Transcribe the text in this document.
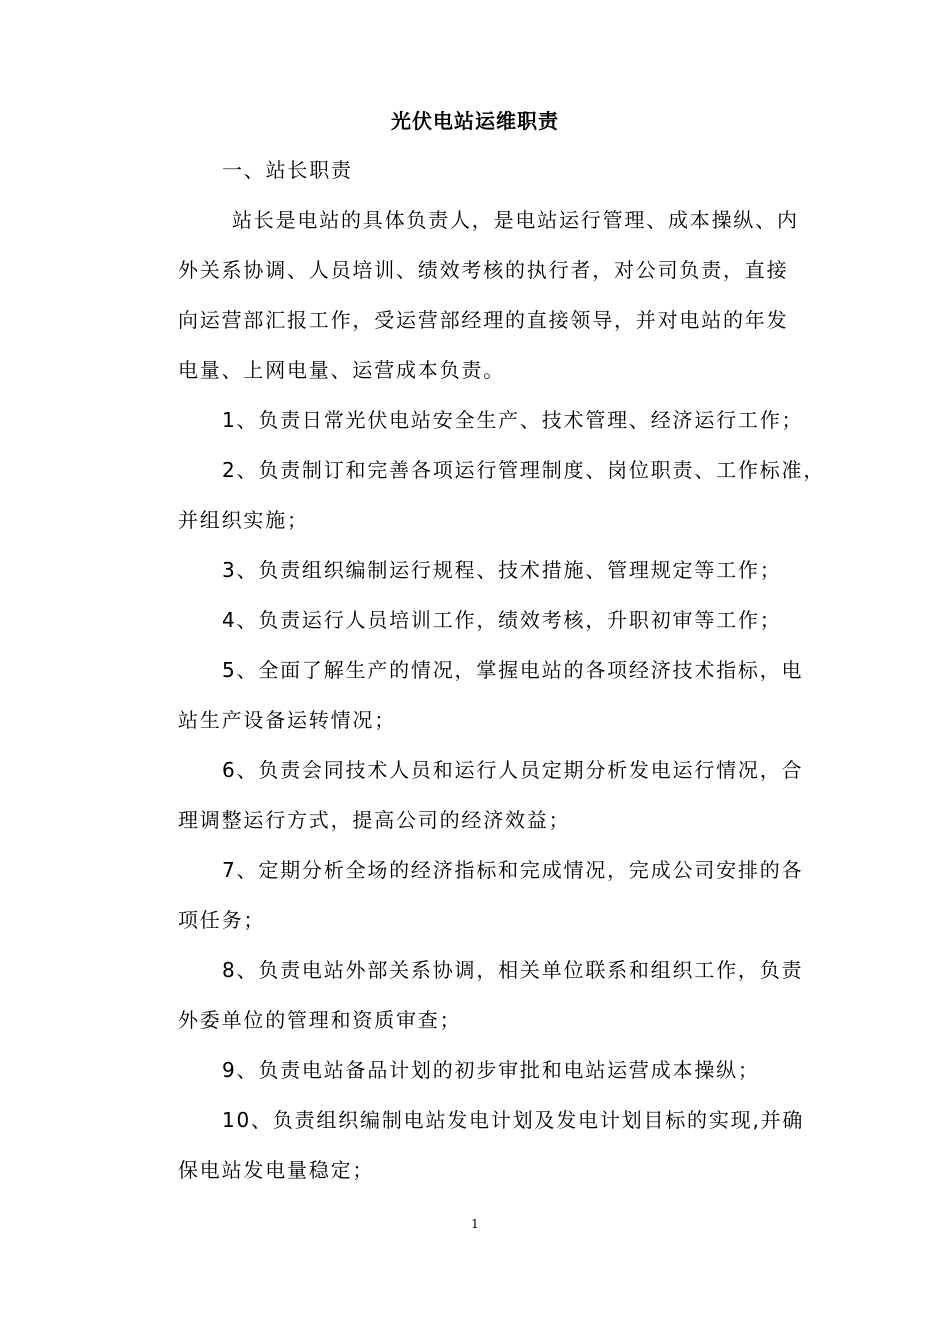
光伏电站运维职责
一、站长职责
站长是电站的具体负责人，是电站运行管理、成本操纵、内
外关系协调、人员培训、绩效考核的执行者，对公司负责，直接
向运营部汇报工作，受运营部经理的直接领导，并对电站的年发
电量、上网电量、运营成本负责。
1、负责日常光伏电站安全生产、技术管理、经济运行工作；
2、负责制订和完善各项运行管理制度、岗位职责、工作标准，
并组织实施；
3、负责组织编制运行规程、技术措施、管理规定等工作；
4、负责运行人员培训工作，绩效考核，升职初审等工作；
5、全面了解生产的情况，掌握电站的各项经济技术指标，电
站生产设备运转情况；
6、负责会同技术人员和运行人员定期分析发电运行情况，合
理调整运行方式，提高公司的经济效益；
7、定期分析全场的经济指标和完成情况，完成公司安排的各
项任务；
8、负责电站外部关系协调，相关单位联系和组织工作，负责
外委单位的管理和资质审查；
9、负责电站备品计划的初步审批和电站运营成本操纵；
10、负责组织编制电站发电计划及发电计划目标的实现,并确
保电站发电量稳定；
1
